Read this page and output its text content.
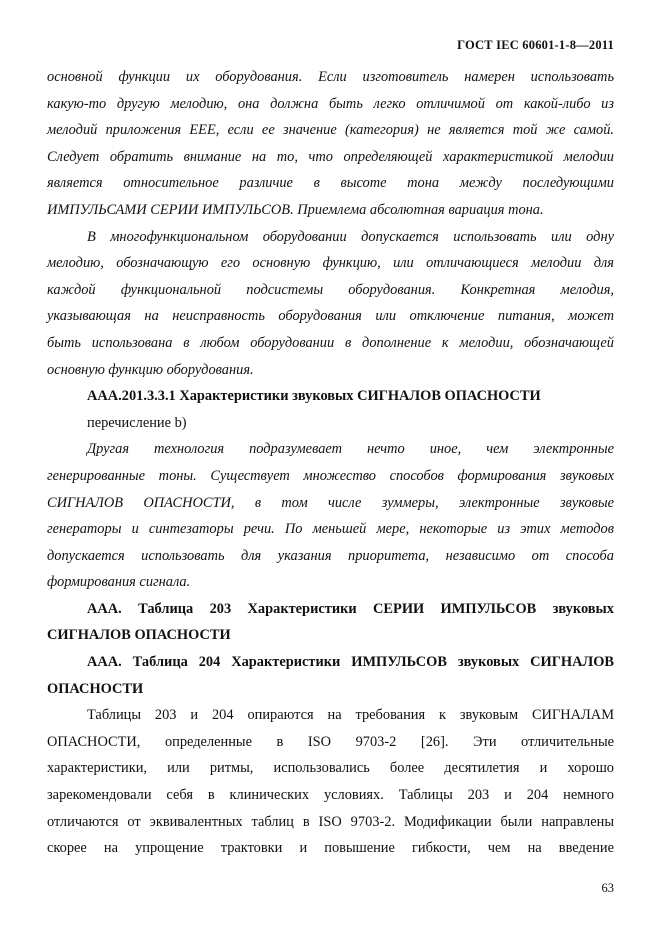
ГОСТ IEC 60601-1-8—2011
основной функции их оборудования. Если изготовитель намерен использовать
какую-то другую мелодию, она должна быть легко отличимой от какой-либо из
мелодий приложения ЕЕЕ, если ее значение (категория) не является той же самой.
Следует обратить внимание на то, что определяющей характеристикой мелодии
является относительное различие в высоте тона между последующими
ИМПУЛЬСАМИ СЕРИИ ИМПУЛЬСОВ. Приемлема абсолютная вариация тона.
В многофункциональном оборудовании допускается использовать или одну
мелодию, обозначающую его основную функцию, или отличающиеся мелодии для
каждой функциональной подсистемы оборудования. Конкретная мелодия,
указывающая на неисправность оборудования или отключение питания, может
быть использована в любом оборудовании в дополнение к мелодии, обозначающей
основную функцию оборудования.
ААА.201.3.3.1 Характеристики звуковых СИГНАЛОВ ОПАСНОСТИ
перечисление b)
Другая технология подразумевает нечто иное, чем электронные
генерированные тоны. Существует множество способов формирования звуковых
СИГНАЛОВ ОПАСНОСТИ, в том числе зуммеры, электронные звуковые
генераторы и синтезаторы речи. По меньшей мере, некоторые из этих методов
допускается использовать для указания приоритета, независимо от способа
формирования сигнала.
ААА. Таблица 203 Характеристики СЕРИИ ИМПУЛЬСОВ звуковых
СИГНАЛОВ ОПАСНОСТИ
ААА. Таблица 204 Характеристики ИМПУЛЬСОВ звуковых СИГНАЛОВ
ОПАСНОСТИ
Таблицы 203 и 204 опираются на требования к звуковым СИГНАЛАМ
ОПАСНОСТИ, определенные в ISO 9703-2 [26]. Эти отличительные
характеристики, или ритмы, использовались более десятилетия и хорошо
зарекомендовали себя в клинических условиях. Таблицы 203 и 204 немного
отличаются от эквивалентных таблиц в ISO 9703-2. Модификации были направлены
скорее на упрощение трактовки и повышение гибкости, чем на введение
63
